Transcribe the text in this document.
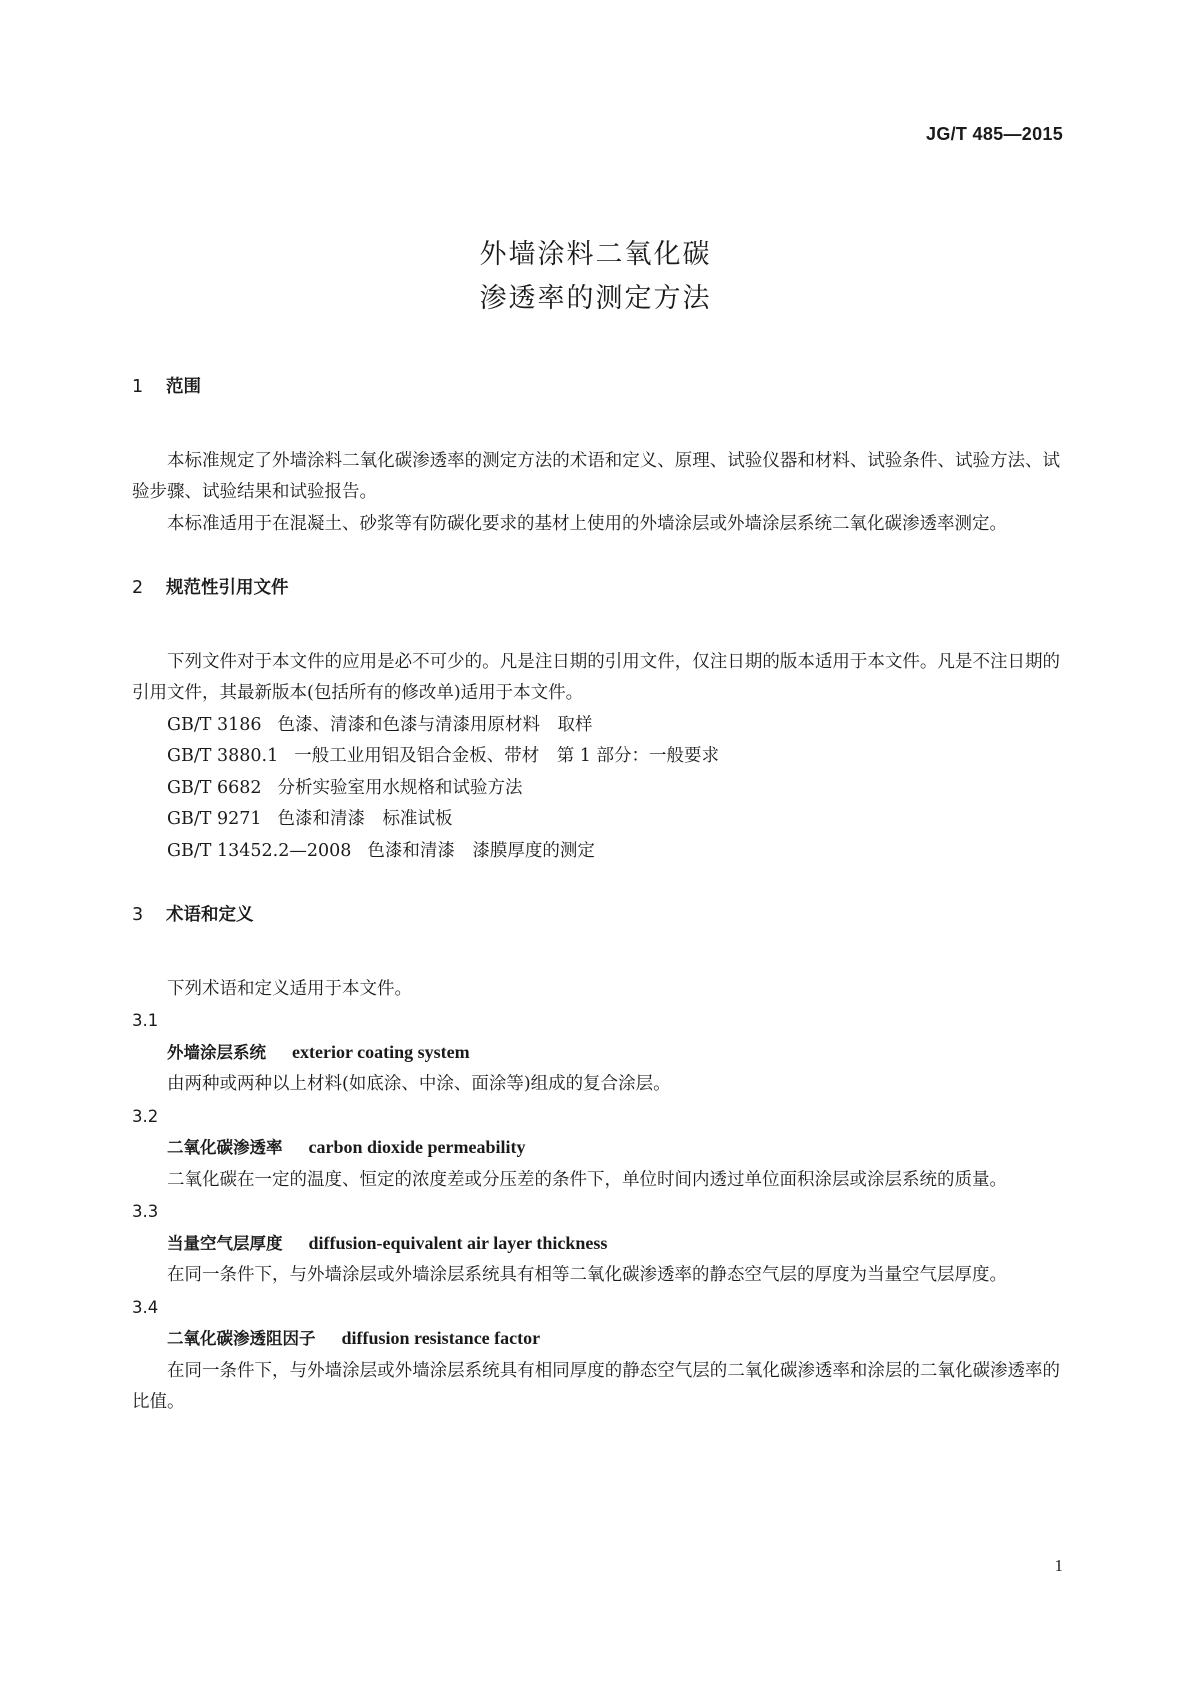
JG/T 485—2015
外墙涂料二氧化碳
渗透率的测定方法

1 范围

本标准规定了外墙涂料二氧化碳渗透率的测定方法的术语和定义、原理、试验仪器和材料、试验条件、试验方法、试验步骤、试验结果和试验报告。

本标准适用于在混凝土、砂浆等有防碳化要求的基材上使用的外墙涂层或外墙涂层系统二氧化碳渗透率测定。

2 规范性引用文件

下列文件对于本文件的应用是必不可少的。凡是注日期的引用文件，仅注日期的版本适用于本文件。凡是不注日期的引用文件，其最新版本(包括所有的修改单)适用于本文件。

GB/T 3186 色漆、清漆和色漆与清漆用原材料　取样

GB/T 3880.1 一般工业用铝及铝合金板、带材　第 1 部分：一般要求

GB/T 6682 分析实验室用水规格和试验方法

GB/T 9271 色漆和清漆　标准试板

GB/T 13452.2—2008 色漆和清漆　漆膜厚度的测定

3 术语和定义

下列术语和定义适用于本文件。

3.1

外墙涂层系统 exterior coating system

由两种或两种以上材料(如底涂、中涂、面涂等)组成的复合涂层。

3.2

二氧化碳渗透率 carbon dioxide permeability

二氧化碳在一定的温度、恒定的浓度差或分压差的条件下，单位时间内透过单位面积涂层或涂层系统的质量。

3.3

当量空气层厚度 diffusion-equivalent air layer thickness

在同一条件下，与外墙涂层或外墙涂层系统具有相等二氧化碳渗透率的静态空气层的厚度为当量空气层厚度。

3.4

二氧化碳渗透阻因子 diffusion resistance factor

在同一条件下，与外墙涂层或外墙涂层系统具有相同厚度的静态空气层的二氧化碳渗透率和涂层的二氧化碳渗透率的比值。

1
